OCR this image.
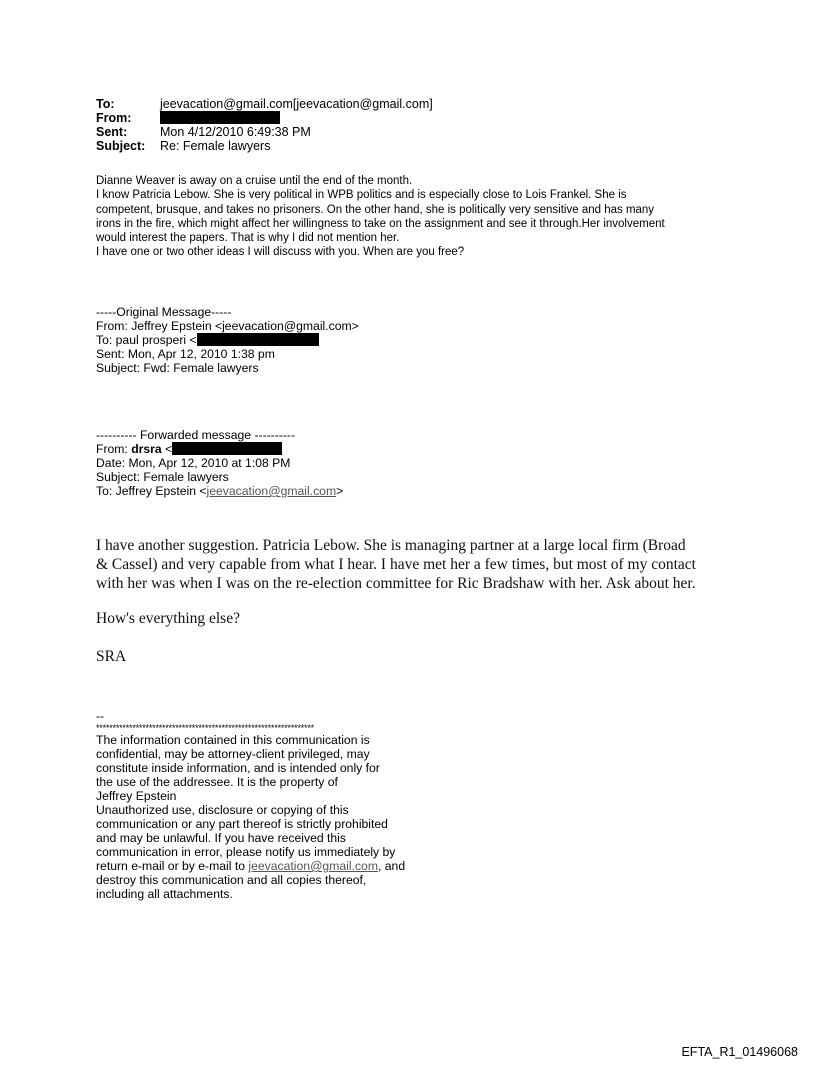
To:	jeevacation@gmail.com[jeevacation@gmail.com]
From:
Sent:	Mon 4/12/2010 6:49:38 PM
Subject: Re: Female lawyers
Dianne Weaver is away on a cruise until the end of the month.
I know Patricia Lebow. She is very political in WPB politics and is especially close to Lois Frankel. She is
competent, brusque, and takes no prisoners. On the other hand, she is politically very sensitive and has many
irons in the fire, which might affect her willingness to take on the assignment and see it through.Her involvement
would interest the papers. That is why I did not mention her.
I have one or two other ideas I will discuss with you. When are you free?
-----Original Message-----
From: Jeffrey Epstein <jeevacation@gmail.com>
To: paul prosperi <
Sent: Mon, Apr 12, 2010 1:38 pm
Subject: Fwd: Female lawyers
---------- Forwarded message ----------
From: drsra <
Date: Mon, Apr 12, 2010 at 1:08 PM
Subject: Female lawyers
To: Jeffrey Epstein <jeevacation@gmail.com>
I have another suggestion. Patricia Lebow. She is managing partner at a large local firm (Broad
& Cassel) and very capable from what I hear. I have met her a few times, but most of my contact
with her was when I was on the re-election committee for Ric Bradshaw with her. Ask about her.
How's everything else?
SRA
--
******************************************************************
The information contained in this communication is
confidential, may be attorney-client privileged, may
constitute inside information, and is intended only for
the use of the addressee. It is the property of
Jeffrey Epstein
Unauthorized use, disclosure or copying of this
communication or any part thereof is strictly prohibited
and may be unlawful. If you have received this
communication in error, please notify us immediately by
return e-mail or by e-mail to jeevacation@gmail.com, and
destroy this communication and all copies thereof,
including all attachments.
EFTA_R1_01496068
